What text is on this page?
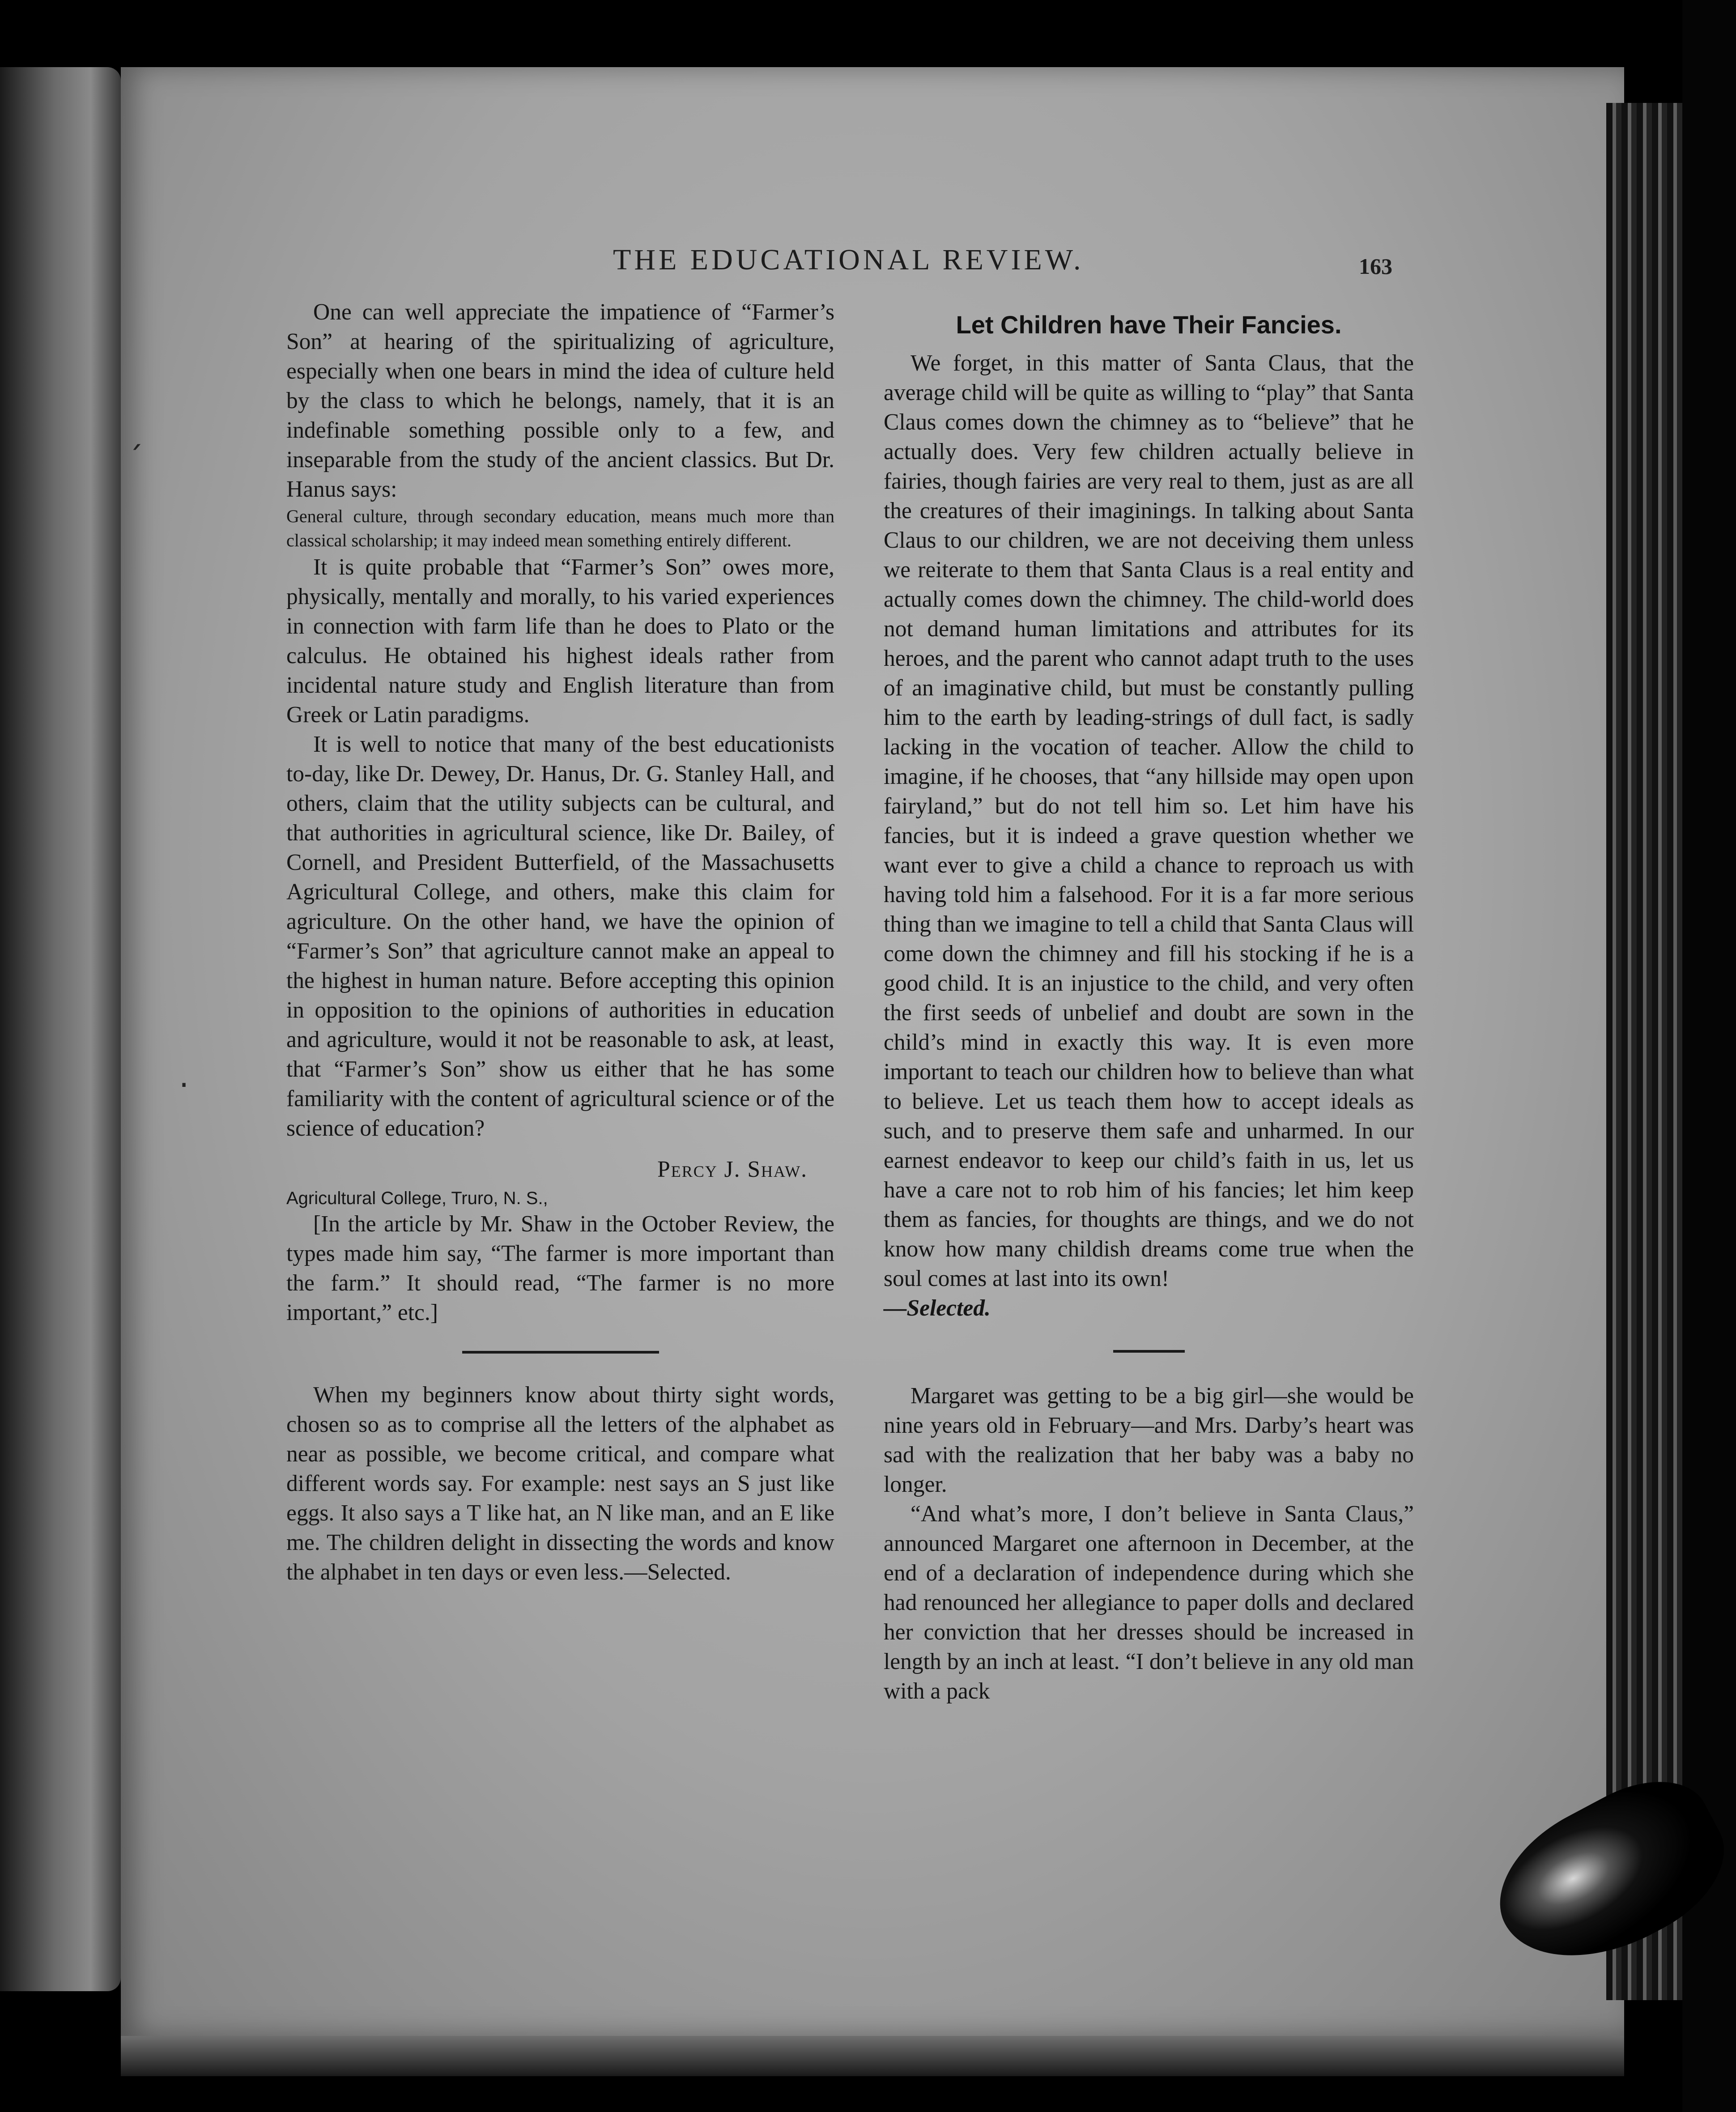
ˊ
·
THE EDUCATIONAL REVIEW.	163

One can well appreciate the impatience of “Farmer’s Son” at hearing of the spiritualizing of agriculture, especially when one bears in mind the idea of culture held by the class to which he belongs, namely, that it is an indefinable something possible only to a few, and inseparable from the study of the ancient classics. But Dr. Hanus says:

General culture, through secondary education, means much more than classical scholarship; it may indeed mean something entirely different.

It is quite probable that “Farmer’s Son” owes more, physically, mentally and morally, to his varied experiences in connection with farm life than he does to Plato or the calculus. He obtained his highest ideals rather from incidental nature study and English literature than from Greek or Latin paradigms.

It is well to notice that many of the best educationists to-day, like Dr. Dewey, Dr. Hanus, Dr. G. Stanley Hall, and others, claim that the utility subjects can be cultural, and that authorities in agricultural science, like Dr. Bailey, of Cornell, and President Butterfield, of the Massachusetts Agricultural College, and others, make this claim for agriculture. On the other hand, we have the opinion of “Farmer’s Son” that agriculture cannot make an appeal to the highest in human nature. Before accepting this opinion in opposition to the opinions of authorities in education and agriculture, would it not be reasonable to ask, at least, that “Farmer’s Son” show us either that he has some familiarity with the content of agricultural science or of the science of education?

Percy J. Shaw.
Agricultural College, Truro, N. S.,

[In the article by Mr. Shaw in the October Review, the types made him say, “The farmer is more important than the farm.” It should read, “The farmer is no more important,” etc.]

When my beginners know about thirty sight words, chosen so as to comprise all the letters of the alphabet as near as possible, we become critical, and compare what different words say. For example: nest says an S just like eggs. It also says a T like hat, an N like man, and an E like me. The children delight in dissecting the words and know the alphabet in ten days or even less.—Selected.

Let Children have Their Fancies.

We forget, in this matter of Santa Claus, that the average child will be quite as willing to “play” that Santa Claus comes down the chimney as to “believe” that he actually does. Very few children actually believe in fairies, though fairies are very real to them, just as are all the creatures of their imaginings. In talking about Santa Claus to our children, we are not deceiving them unless we reiterate to them that Santa Claus is a real entity and actually comes down the chimney. The child-world does not demand human limitations and attributes for its heroes, and the parent who cannot adapt truth to the uses of an imaginative child, but must be constantly pulling him to the earth by leading-strings of dull fact, is sadly lacking in the vocation of teacher. Allow the child to imagine, if he chooses, that “any hillside may open upon fairyland,” but do not tell him so. Let him have his fancies, but it is indeed a grave question whether we want ever to give a child a chance to reproach us with having told him a falsehood. For it is a far more serious thing than we imagine to tell a child that Santa Claus will come down the chimney and fill his stocking if he is a good child. It is an injustice to the child, and very often the first seeds of unbelief and doubt are sown in the child’s mind in exactly this way. It is even more important to teach our children how to believe than what to believe. Let us teach them how to accept ideals as such, and to preserve them safe and unharmed. In our earnest endeavor to keep our child’s faith in us, let us have a care not to rob him of his fancies; let him keep them as fancies, for thoughts are things, and we do not know how many childish dreams come true when the soul comes at last into its own!

—Selected.

Margaret was getting to be a big girl—she would be nine years old in February—and Mrs. Darby’s heart was sad with the realization that her baby was a baby no longer.

“And what’s more, I don’t believe in Santa Claus,” announced Margaret one afternoon in December, at the end of a declaration of independence during which she had renounced her allegiance to paper dolls and declared her conviction that her dresses should be increased in length by an inch at least. “I don’t believe in any old man with a pack
